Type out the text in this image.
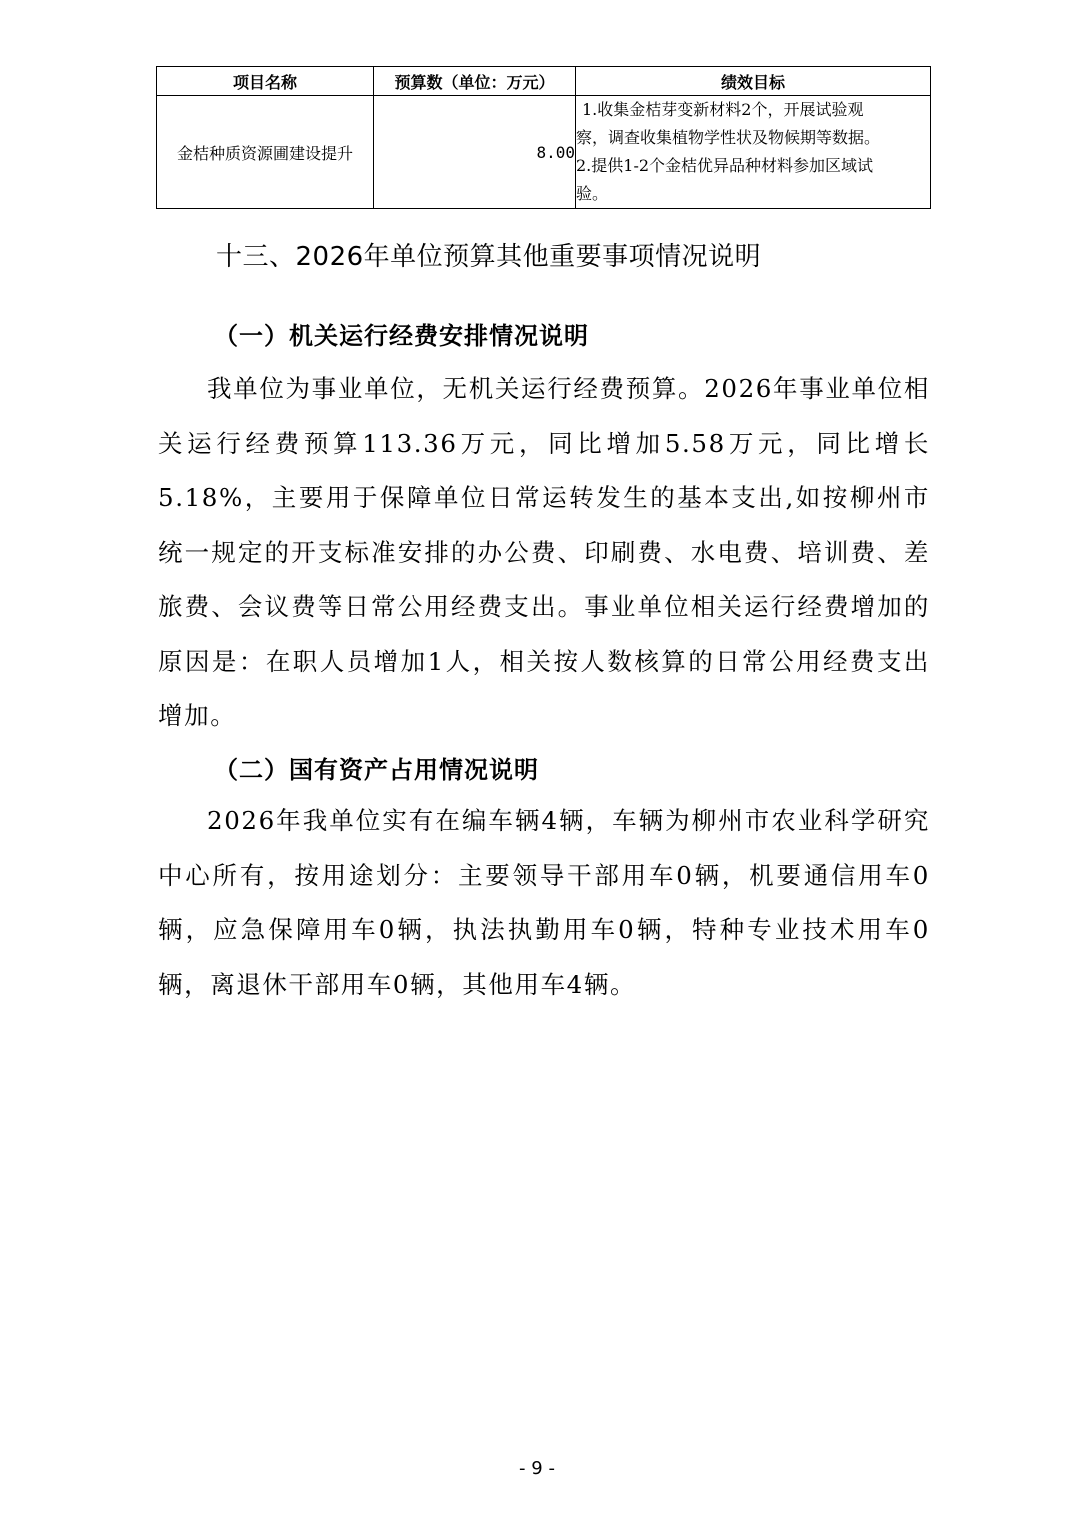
项目名称	预算数（单位：万元）	绩效目标
金桔种质资源圃建设提升	8.00	1.收集金桔芽变新材料2个，开展试验观
察，调查收集植物学性状及物候期等数据。
2.提供1-2个金桔优异品种材料参加区域试
验。
十三、2026年单位预算其他重要事项情况说明
（一）机关运行经费安排情况说明
我单位为事业单位，无机关运行经费预算。2026年事业单位相关运行经费预算113.36万元，同比增加5.58万元，同比增长5.18%，主要用于保障单位日常运转发生的基本支出,如按柳州市统一规定的开支标准安排的办公费、印刷费、水电费、培训费、差旅费、会议费等日常公用经费支出。事业单位相关运行经费增加的原因是：在职人员增加1人，相关按人数核算的日常公用经费支出增加。
（二）国有资产占用情况说明
2026年我单位实有在编车辆4辆，车辆为柳州市农业科学研究中心所有，按用途划分：主要领导干部用车0辆，机要通信用车0辆，应急保障用车0辆，执法执勤用车0辆，特种专业技术用车0辆，离退休干部用车0辆，其他用车4辆。
- 9 -
